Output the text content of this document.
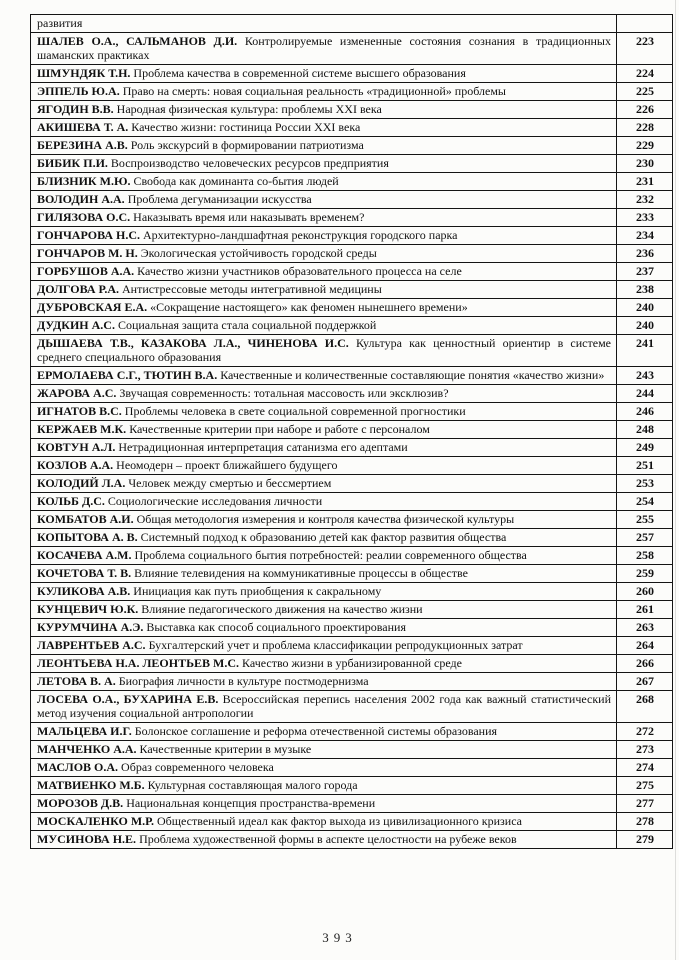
развития	
ШАЛЕВ О.А., САЛЬМАНОВ Д.И. Контролируемые измененные состояния сознания в традиционных шаманских практиках	223
ШМУНДЯК Т.Н. Проблема качества в современной системе высшего образования	224
ЭППЕЛЬ Ю.А. Право на смерть: новая социальная реальность «традиционной» проблемы	225
ЯГОДИН В.В. Народная физическая культура: проблемы XXI века	226
АКИШЕВА Т. А. Качество жизни: гостиница России XXI века	228
БЕРЕЗИНА А.В. Роль экскурсий в формировании патриотизма	229
БИБИК П.И. Воспроизводство человеческих ресурсов предприятия	230
БЛИЗНИК М.Ю. Свобода как доминанта со-бытия людей	231
ВОЛОДИН А.А. Проблема дегуманизации искусства	232
ГИЛЯЗОВА О.С. Наказывать время или наказывать временем?	233
ГОНЧАРОВА Н.С. Архитектурно-ландшафтная реконструкция городского парка	234
ГОНЧАРОВ М. Н. Экологическая устойчивость городской среды	236
ГОРБУШОВ А.А. Качество жизни участников образовательного процесса на селе	237
ДОЛГОВА Р.А. Антистрессовые методы интегративной медицины	238
ДУБРОВСКАЯ Е.А. «Сокращение настоящего» как феномен нынешнего времени»	240
ДУДКИН А.С. Социальная защита стала социальной поддержкой	240
ДЫШАЕВА Т.В., КАЗАКОВА Л.А., ЧИНЕНОВА И.С. Культура как ценностный ориентир в системе среднего специального образования	241
ЕРМОЛАЕВА С.Г., ТЮТИН В.А. Качественные и количественные составляющие понятия «качество жизни»	243
ЖАРОВА А.С. Звучащая современность: тотальная массовость или эксклюзив?	244
ИГНАТОВ В.С. Проблемы человека в свете социальной современной прогностики	246
КЕРЖАЕВ М.К. Качественные критерии при наборе и работе с персоналом	248
КОВТУН А.Л. Нетрадиционная интерпретация сатанизма его адептами	249
КОЗЛОВ А.А. Неомодерн – проект ближайшего будущего	251
КОЛОДИЙ Л.А. Человек между смертью и бессмертием	253
КОЛЬБ Д.С. Социологические исследования личности	254
КОМБАТОВ А.И. Общая методология измерения и контроля качества физической культуры	255
КОПЫТОВА А. В. Системный подход к образованию детей как фактор развития общества	257
КОСАЧЕВА А.М. Проблема социального бытия потребностей: реалии современного общества	258
КОЧЕТОВА Т. В. Влияние телевидения на коммуникативные процессы в обществе	259
КУЛИКОВА А.В. Инициация как путь приобщения к сакральному	260
КУНЦЕВИЧ Ю.К. Влияние педагогического движения на качество жизни	261
КУРУМЧИНА А.Э. Выставка как способ социального проектирования	263
ЛАВРЕНТЬЕВ А.С. Бухгалтерский учет и проблема классификации репродукционных затрат	264
ЛЕОНТЬЕВА Н.А. ЛЕОНТЬЕВ М.С. Качество жизни в урбанизированной среде	266
ЛЕТОВА В. А. Биография личности в культуре постмодернизма	267
ЛОСЕВА О.А., БУХАРИНА Е.В. Всероссийская перепись населения 2002 года как важный статистический метод изучения социальной антропологии	268
МАЛЬЦЕВА И.Г. Болонское соглашение и реформа отечественной системы образования	272
МАНЧЕНКО А.А. Качественные критерии в музыке	273
МАСЛОВ О.А. Образ современного человека	274
МАТВИЕНКО М.Б. Культурная составляющая малого города	275
МОРОЗОВ Д.В. Национальная концепция пространства-времени	277
МОСКАЛЕНКО М.Р. Общественный идеал как фактор выхода из цивилизационного кризиса	278
МУСИНОВА Н.Е. Проблема художественной формы в аспекте целостности на рубеже веков	279
393
